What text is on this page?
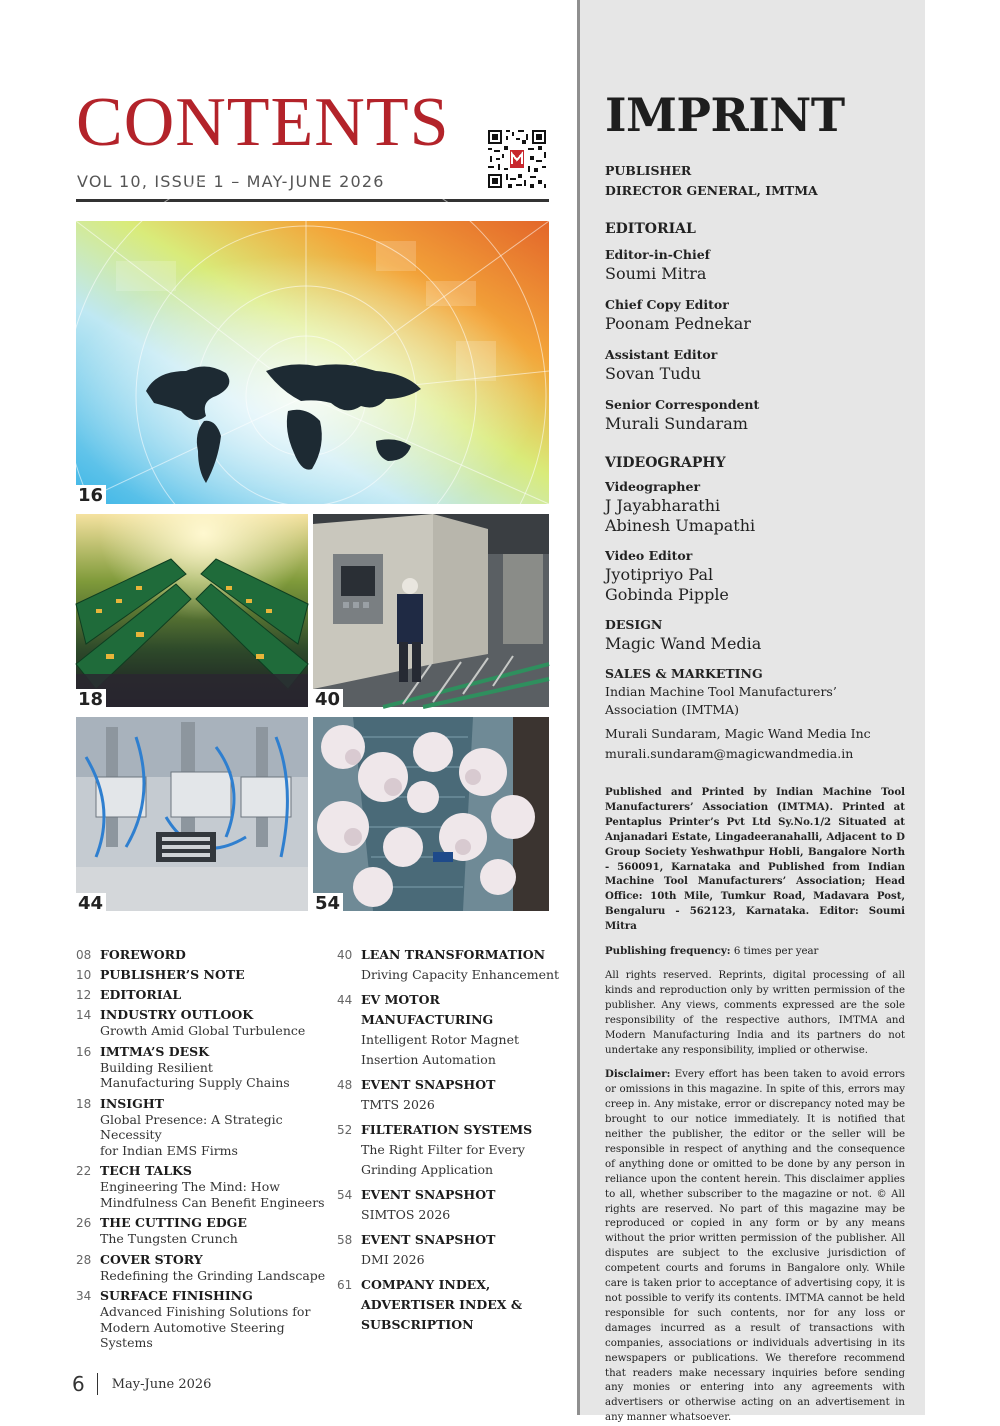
CONTENTS
VOL 10, ISSUE 1 – MAY-JUNE 2026
16
18	40
44	54
08 FOREWORD
10 PUBLISHER’S NOTE
12 EDITORIAL
14 INDUSTRY OUTLOOK
Growth Amid Global Turbulence
16 IMTMA’S DESK
Building Resilient
Manufacturing Supply Chains
18 INSIGHT
Global Presence: A Strategic Necessity
for Indian EMS Firms
22 TECH TALKS
Engineering The Mind: How
Mindfulness Can Benefit Engineers
26 THE CUTTING EDGE
The Tungsten Crunch
28 COVER STORY
Redefining the Grinding Landscape
34 SURFACE FINISHING
Advanced Finishing Solutions for
Modern Automotive Steering Systems
40 LEAN TRANSFORMATION
Driving Capacity Enhancement
44 EV MOTOR MANUFACTURING
Intelligent Rotor Magnet
Insertion Automation
48 EVENT SNAPSHOT
TMTS 2026
52 FILTERATION SYSTEMS
The Right Filter for Every
Grinding Application
54 EVENT SNAPSHOT
SIMTOS 2026
58 EVENT SNAPSHOT
DMI 2026
61 COMPANY INDEX,
ADVERTISER INDEX &
SUBSCRIPTION
6 May-June 2026
IMPRINT
PUBLISHER
DIRECTOR GENERAL, IMTMA
EDITORIAL
Editor-in-Chief
Soumi Mitra
Chief Copy Editor
Poonam Pednekar
Assistant Editor
Sovan Tudu
Senior Correspondent
Murali Sundaram
VIDEOGRAPHY
Videographer
J Jayabharathi
Abinesh Umapathi
Video Editor
Jyotipriyo Pal
Gobinda Pipple
DESIGN
Magic Wand Media
SALES & MARKETING
Indian Machine Tool Manufacturers’ Association (IMTMA)
Murali Sundaram, Magic Wand Media Inc
murali.sundaram@magicwandmedia.in
Published and Printed by Indian Machine Tool Manufacturers’ Association (IMTMA). Printed at Pentaplus Printer’s Pvt Ltd Sy.No.1/2 Situated at Anjanadari Estate, Lingadeeranahalli, Adjacent to D Group Society Yeshwathpur Hobli, Bangalore North - 560091, Karnataka and Published from Indian Machine Tool Manufacturers’ Association; Head Office: 10th Mile, Tumkur Road, Madavara Post, Bengaluru - 562123, Karnataka. Editor: Soumi Mitra
Publishing frequency: 6 times per year
All rights reserved. Reprints, digital processing of all kinds and reproduction only by written permission of the publisher. Any views, comments expressed are the sole responsibility of the respective authors, IMTMA and Modern Manufacturing India and its partners do not undertake any responsibility, implied or otherwise.
Disclaimer: Every effort has been taken to avoid errors or omissions in this magazine. In spite of this, errors may creep in. Any mistake, error or discrepancy noted may be brought to our notice immediately. It is notified that neither the publisher, the editor or the seller will be responsible in respect of anything and the consequence of anything done or omitted to be done by any person in reliance upon the content herein. This disclaimer applies to all, whether subscriber to the magazine or not. © All rights are reserved. No part of this magazine may be reproduced or copied in any form or by any means without the prior written permission of the publisher. All disputes are subject to the exclusive jurisdiction of competent courts and forums in Bangalore only. While care is taken prior to acceptance of advertising copy, it is not possible to verify its contents. IMTMA cannot be held responsible for such contents, nor for any loss or damages incurred as a result of transactions with companies, associations or individuals advertising in its newspapers or publications. We therefore recommend that readers make necessary inquiries before sending any monies or entering into any agreements with advertisers or otherwise acting on an advertisement in any manner whatsoever.
